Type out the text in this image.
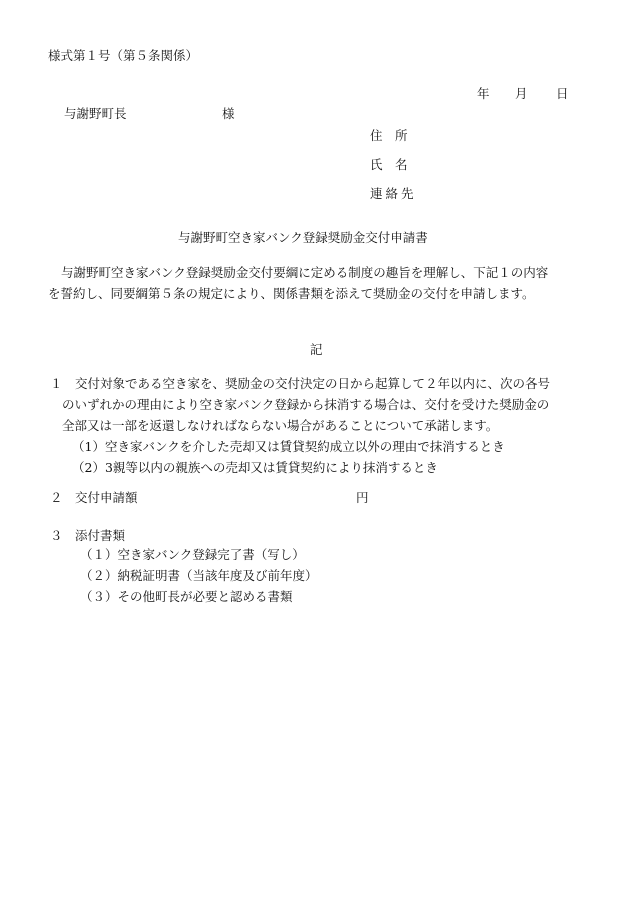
様式第１号（第５条関係）
年 月 日
与謝野町長	様
住　所
氏　名
連絡先
与謝野町空き家バンク登録奨励金交付申請書
与謝野町空き家バンク登録奨励金交付要綱に定める制度の趣旨を理解し、下記１の内容
を誓約し、同要綱第５条の規定により、関係書類を添えて奨励金の交付を申請します。
記
１ 交付対象である空き家を、奨励金の交付決定の日から起算して２年以内に、次の各号
のいずれかの理由により空き家バンク登録から抹消する場合は、交付を受けた奨励金の
全部又は一部を返還しなければならない場合があることについて承諾します。
（1）空き家バンクを介した売却又は賃貸契約成立以外の理由で抹消するとき
（2）3親等以内の親族への売却又は賃貸契約により抹消するとき
２ 交付申請額	円
３ 添付書類
（１）空き家バンク登録完了書（写し）
（２）納税証明書（当該年度及び前年度）
（３）その他町長が必要と認める書類
